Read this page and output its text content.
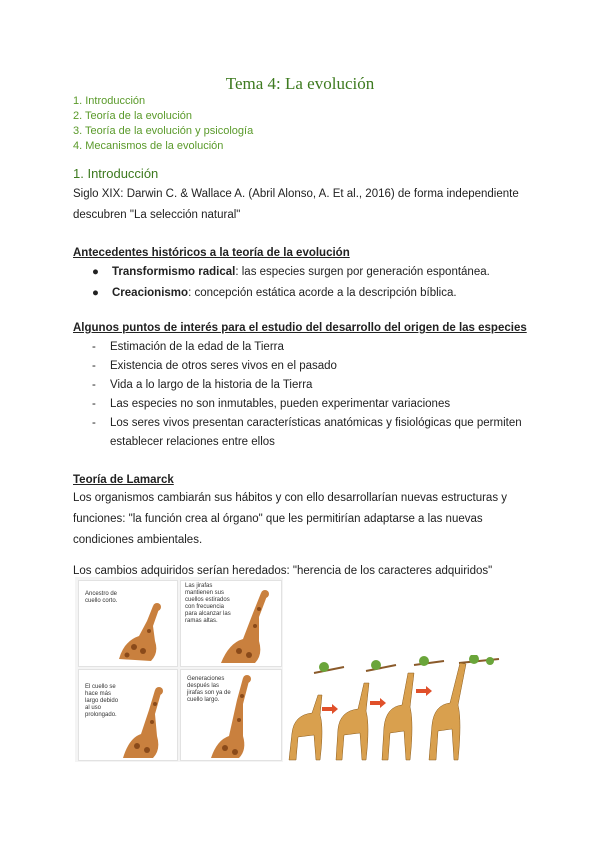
Tema 4: La evolución
1. Introducción
2. Teoría de la evolución
3. Teoría de la evolución y psicología
4. Mecanismos de la evolución
1. Introducción
Siglo XIX: Darwin C. & Wallace A. (Abril Alonso, A. Et al., 2016) de forma independiente
descubren "La selección natural"
Antecedentes históricos a la teoría de la evolución
● Transformismo radical: las especies surgen por generación espontánea.
● Creacionismo: concepción estática acorde a la descripción bíblica.
Algunos puntos de interés para el estudio del desarrollo del origen de las especies
- Estimación de la edad de la Tierra
- Existencia de otros seres vivos en el pasado
- Vida a lo largo de la historia de la Tierra
- Las especies no son inmutables, pueden experimentar variaciones
- Los seres vivos presentan características anatómicas y fisiológicas que permiten
establecer relaciones entre ellos
Teoría de Lamarck
Los organismos cambiarán sus hábitos y con ello desarrollarían nuevas estructuras y
funciones: "la función crea al órgano" que les permitirían adaptarse a las nuevas
condiciones ambientales.
Los cambios adquiridos serían heredados: "herencia de los caracteres adquiridos"
Ancestro de cuello corto.
Las jirafas mantienen sus cuellos estirados con frecuencia para alcanzar las ramas altas.
El cuello se hace más largo debido al uso prolongado.
Generaciones después las jirafas son ya de cuello largo.
